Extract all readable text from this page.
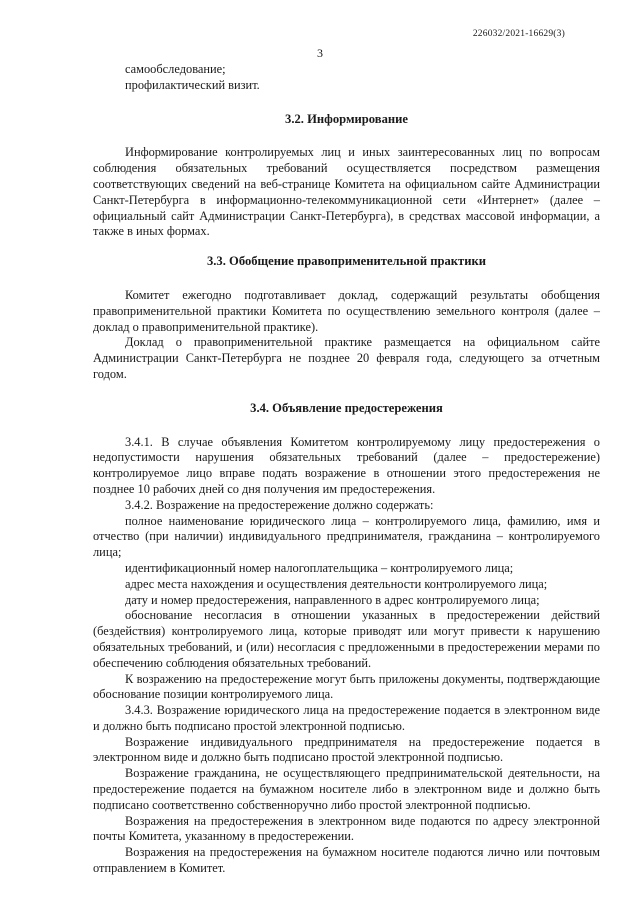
226032/2021-16629(3)
3

самообследование;

профилактический визит.

3.2. Информирование

Информирование контролируемых лиц и иных заинтересованных лиц по вопросам соблюдения обязательных требований осуществляется посредством размещения соответствующих сведений на веб-странице Комитета на официальном сайте Администрации Санкт-Петербурга в информационно-телекоммуникационной сети «Интернет» (далее – официальный сайт Администрации Санкт-Петербурга), в средствах массовой информации, а также в иных формах.

3.3. Обобщение правоприменительной практики

Комитет ежегодно подготавливает доклад, содержащий результаты обобщения правоприменительной практики Комитета по осуществлению земельного контроля (далее – доклад о правоприменительной практике).

Доклад о правоприменительной практике размещается на официальном сайте Администрации Санкт-Петербурга не позднее 20 февраля года, следующего за отчетным годом.

3.4. Объявление предостережения

3.4.1. В случае объявления Комитетом контролируемому лицу предостережения о недопустимости нарушения обязательных требований (далее – предостережение) контролируемое лицо вправе подать возражение в отношении этого предостережения не позднее 10 рабочих дней со дня получения им предостережения.

3.4.2. Возражение на предостережение должно содержать:

полное наименование юридического лица – контролируемого лица, фамилию, имя и отчество (при наличии) индивидуального предпринимателя, гражданина – контролируемого лица;

идентификационный номер налогоплательщика – контролируемого лица;

адрес места нахождения и осуществления деятельности контролируемого лица;

дату и номер предостережения, направленного в адрес контролируемого лица;

обоснование несогласия в отношении указанных в предостережении действий (бездействия) контролируемого лица, которые приводят или могут привести к нарушению обязательных требований, и (или) несогласия с предложенными в предостережении мерами по обеспечению соблюдения обязательных требований.

К возражению на предостережение могут быть приложены документы, подтверждающие обоснование позиции контролируемого лица.

3.4.3. Возражение юридического лица на предостережение подается в электронном виде и должно быть подписано простой электронной подписью.

Возражение индивидуального предпринимателя на предостережение подается в электронном виде и должно быть подписано простой электронной подписью.

Возражение гражданина, не осуществляющего предпринимательской деятельности, на предостережение подается на бумажном носителе либо в электронном виде и должно быть подписано соответственно собственноручно либо простой электронной подписью.

Возражения на предостережения в электронном виде подаются по адресу электронной почты Комитета, указанному в предостережении.

Возражения на предостережения на бумажном носителе подаются лично или почтовым отправлением в Комитет.
